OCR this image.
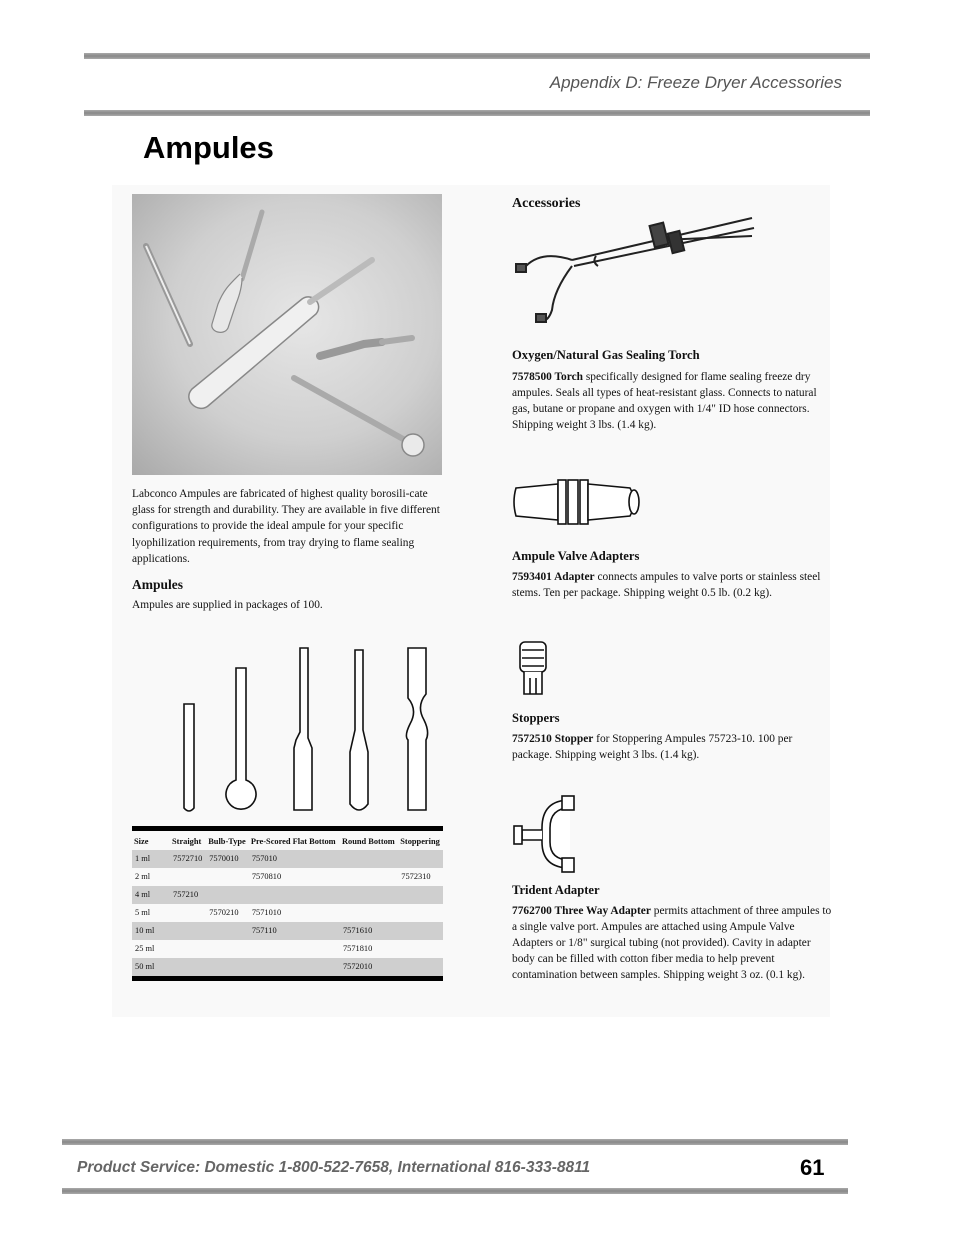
Appendix D: Freeze Dryer Accessories
Ampules
Labconco Ampules are fabricated of highest quality borosili-cate glass for strength and durability. They are available in five different configurations to provide the ideal ampule for your specific lyophilization requirements, from tray drying to flame sealing applications.
Ampules
Ampules are supplied in packages of 100.
Size	Straight	Bulb-Type	Pre-Scored Flat Bottom	Round Bottom	Stoppering
1 ml	7572710	7570010	757010		
2 ml			7570810		7572310
4 ml	757210				
5 ml		7570210	7571010		
10 ml			757110	7571610	
25 ml				7571810	
50 ml				7572010	
Accessories
Oxygen/Natural Gas Sealing Torch
7578500 Torch specifically designed for flame sealing freeze dry ampules. Seals all types of heat-resistant glass. Connects to natural gas, butane or propane and oxygen with 1/4" ID hose connectors. Shipping weight 3 lbs. (1.4 kg).
Ampule Valve Adapters
7593401 Adapter connects ampules to valve ports or stainless steel stems. Ten per package. Shipping weight 0.5 lb. (0.2 kg).
Stoppers
7572510 Stopper for Stoppering Ampules 75723-10. 100 per package. Shipping weight 3 lbs. (1.4 kg).
Trident Adapter
7762700 Three Way Adapter permits attachment of three ampules to a single valve port. Ampules are attached using Ampule Valve Adapters or 1/8" surgical tubing (not provided). Cavity in adapter body can be filled with cotton fiber media to help prevent contamination between samples. Shipping weight 3 oz. (0.1 kg).
Product Service: Domestic 1-800-522-7658, International 816-333-8811	61
